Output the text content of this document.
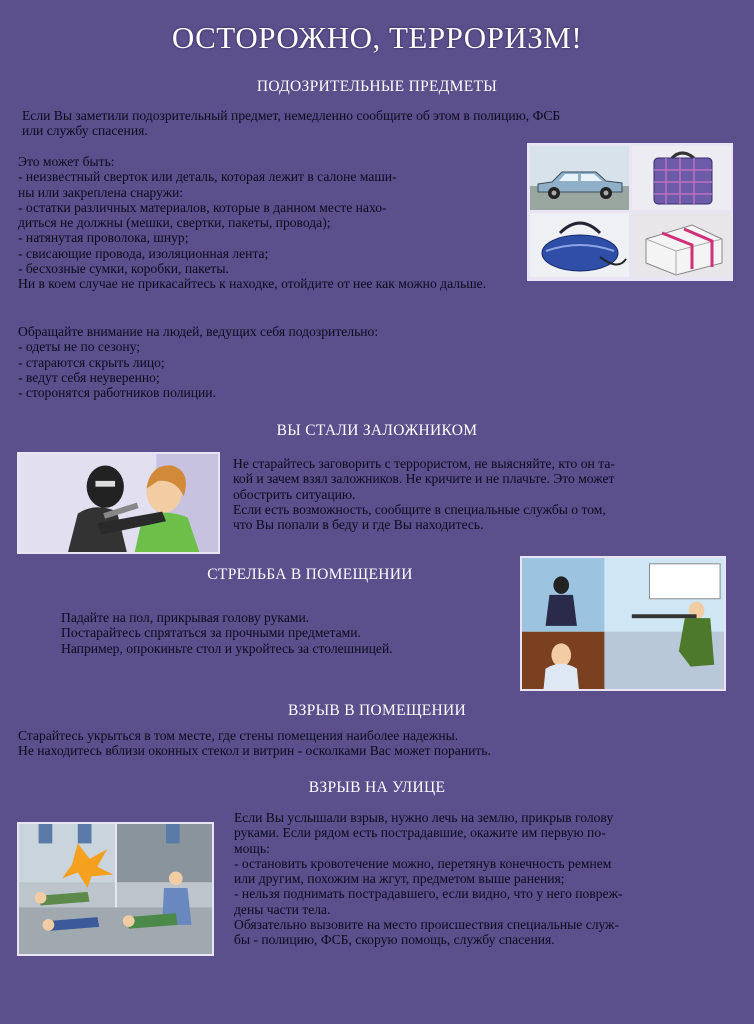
ОСТОРОЖНО, ТЕРРОРИЗМ!
ПОДОЗРИТЕЛЬНЫЕ ПРЕДМЕТЫ
Если Вы заметили подозрительный предмет, немедленно сообщите об этом в полицию, ФСБ
или службу спасения.
Это может быть:
- неизвестный сверток или деталь, которая лежит в салоне маши-
ны или закреплена снаружи:
- остатки различных материалов, которые в данном месте нахо-
диться не должны (мешки, свертки, пакеты, провода);
- натянутая проволока, шнур;
- свисающие провода, изоляционная лента;
- бесхозные сумки, коробки, пакеты.
Ни в коем случае не прикасайтесь к находке, отойдите от нее как можно дальше.
Обращайте внимание на людей, ведущих себя подозрительно:
- одеты не по сезону;
- стараются скрыть лицо;
- ведут себя неуверенно;
- сторонятся работников полиции.
ВЫ СТАЛИ ЗАЛОЖНИКОМ
Не старайтесь заговорить с террористом, не выясняйте, кто он та-
кой и зачем взял заложников. Не кричите и не плачьте. Это может
обострить ситуацию.
Если есть возможность, сообщите в специальные службы о том,
что Вы попали в беду и где Вы находитесь.
СТРЕЛЬБА В ПОМЕЩЕНИИ
Падайте на пол, прикрывая голову руками.
Постарайтесь спрятаться за прочными предметами.
Например, опрокиньте стол и укройтесь за столешницей.
ВЗРЫВ В ПОМЕЩЕНИИ
Старайтесь укрыться в том месте, где стены помещения наиболее надежны.
Не находитесь вблизи оконных стекол и витрин - осколками Вас может поранить.
ВЗРЫВ НА УЛИЦЕ
Если Вы услышали взрыв, нужно лечь на землю, прикрыв голову
руками. Если рядом есть пострадавшие, окажите им первую по-
мощь:
- остановить кровотечение можно, перетянув конечность ремнем
или другим, похожим на жгут, предметом выше ранения;
- нельзя поднимать пострадавшего, если видно, что у него повреж-
дены части тела.
Обязательно вызовите на место происшествия специальные служ-
бы - полицию, ФСБ, скорую помощь, службу спасения.
